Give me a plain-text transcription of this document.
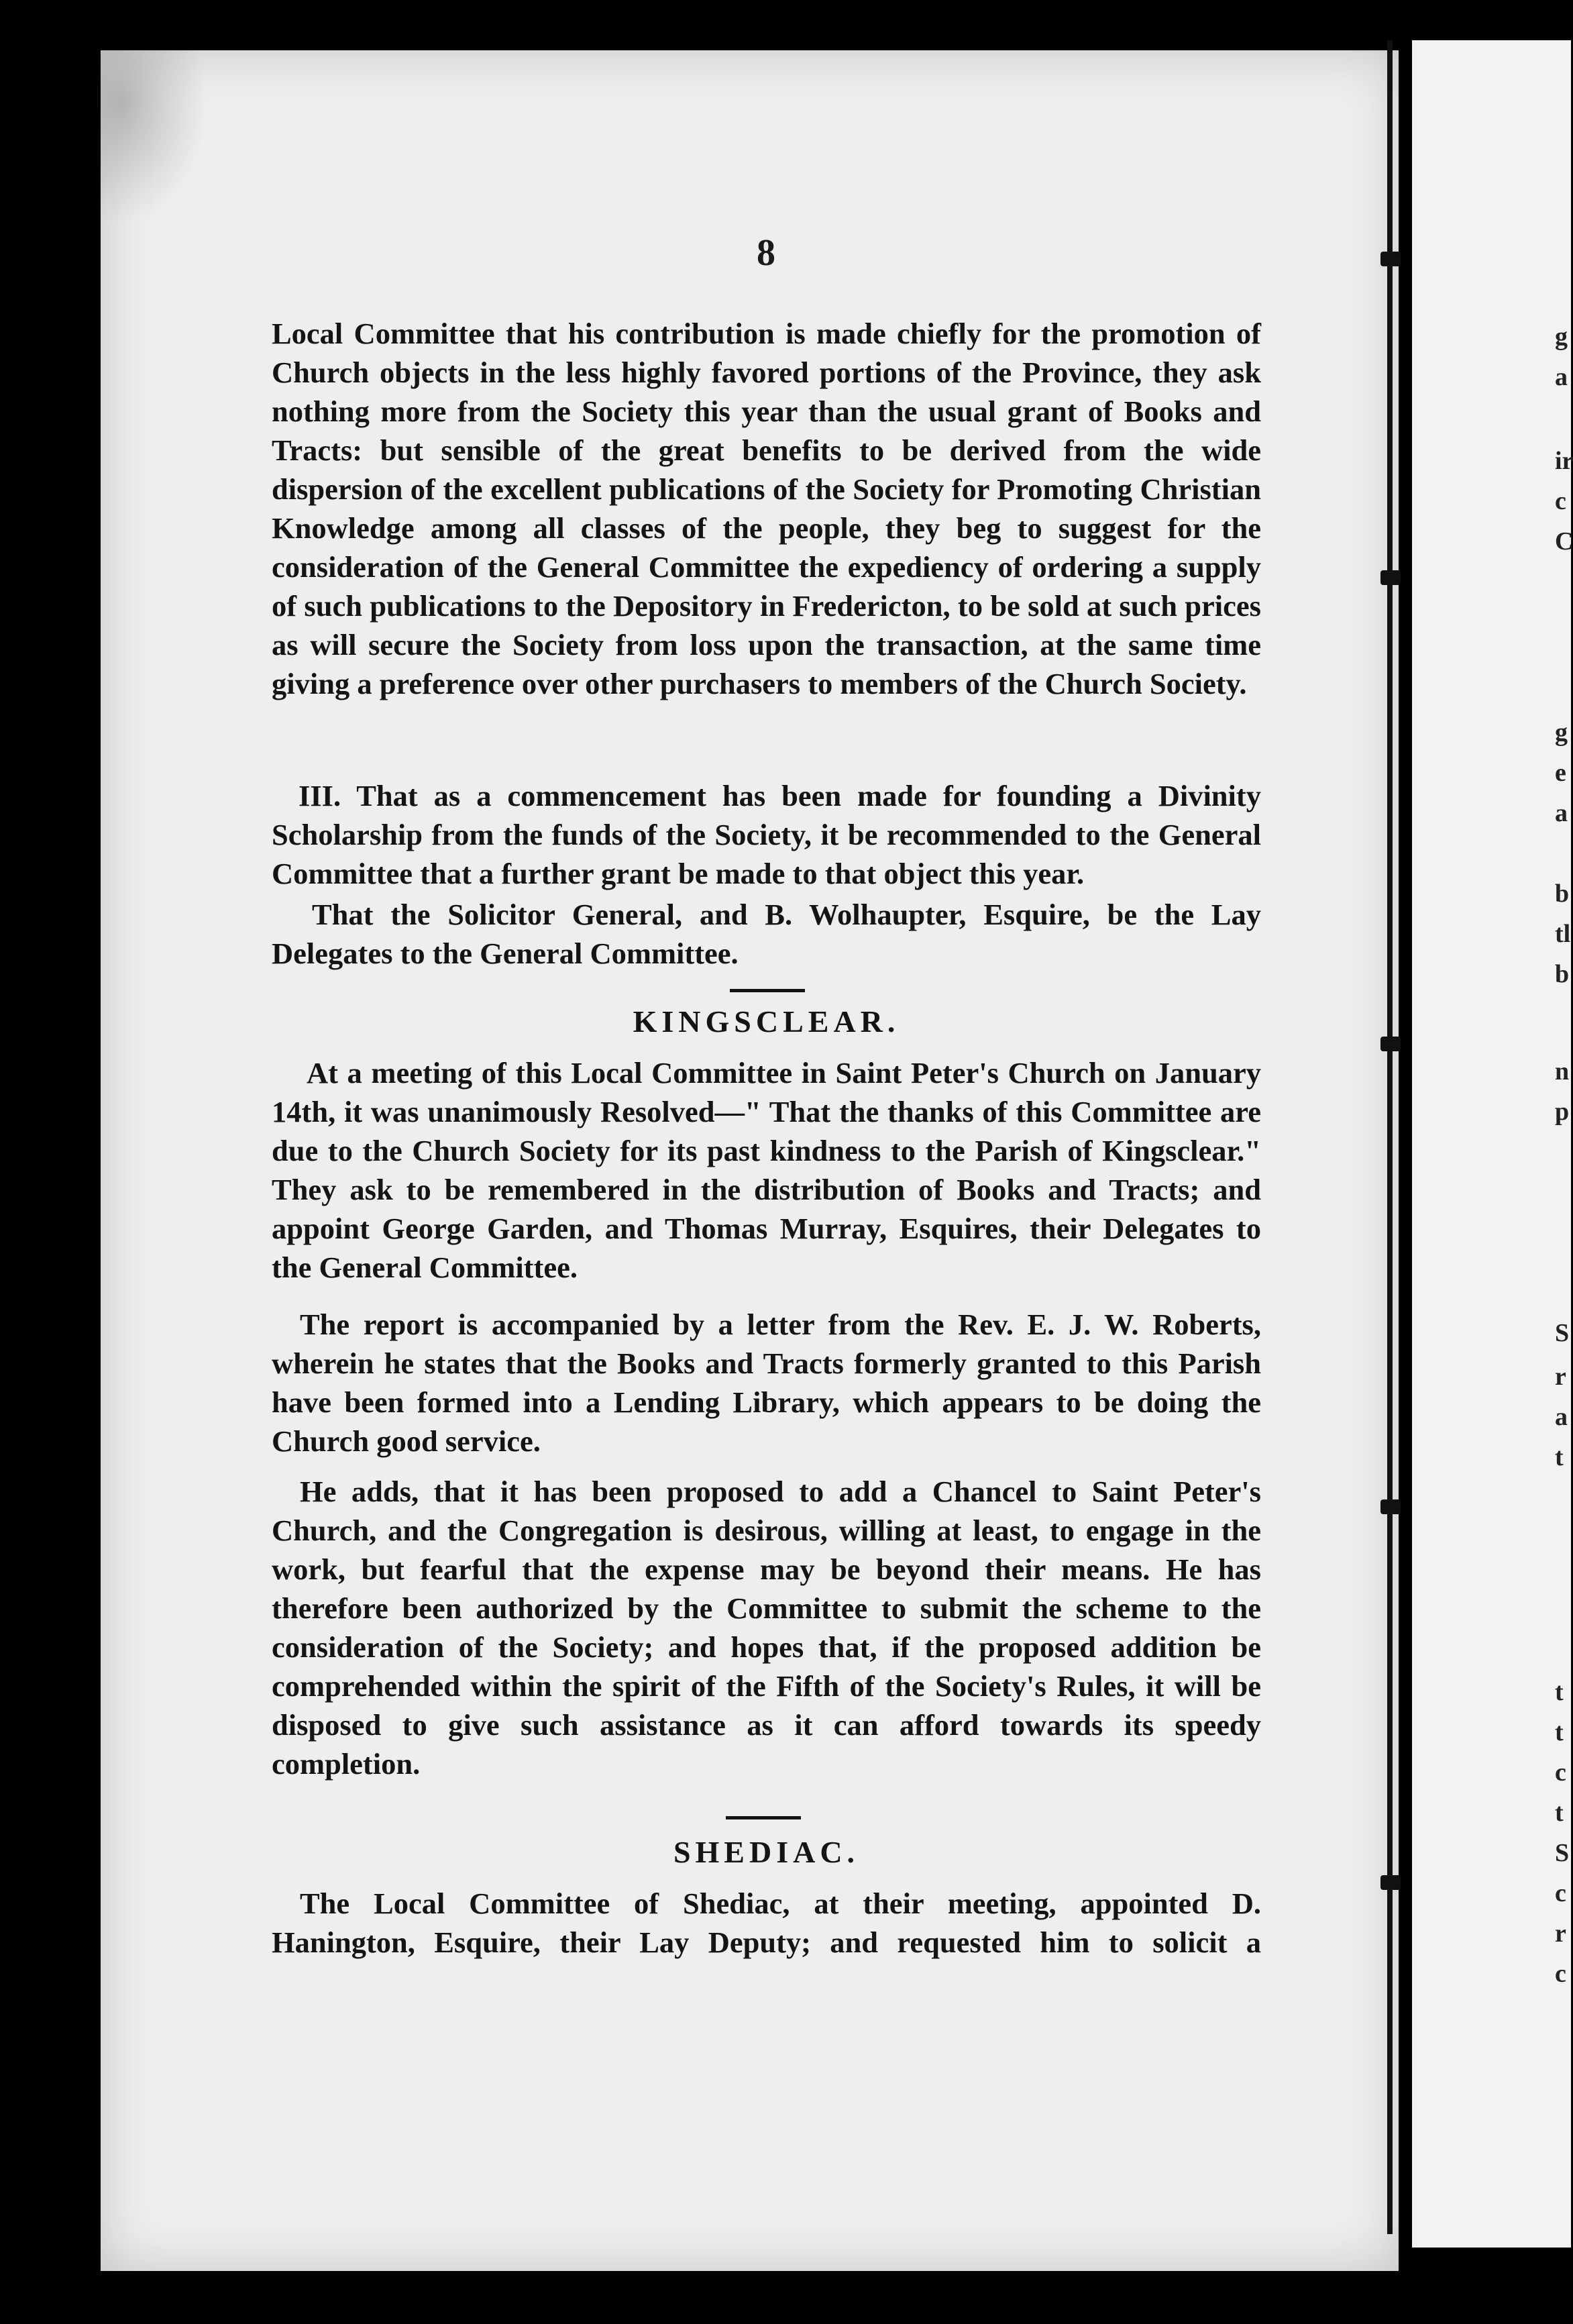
g
a
ir
c
C
g
e
a
b
tl
b
n
p
S
r
a
t
t
t
c
t
S
c
r
c
8

Local Committee that his contribution is made chiefly for the promotion of Church objects in the less highly favored portions of the Province, they ask nothing more from the Society this year than the usual grant of Books and Tracts: but sensible of the great benefits to be derived from the wide dispersion of the excellent publications of the Society for Promoting Christian Knowledge among all classes of the people, they beg to suggest for the consideration of the General Committee the expediency of ordering a supply of such publications to the Depository in Fredericton, to be sold at such prices as will secure the Society from loss upon the transaction, at the same time giving a preference over other purchasers to members of the Church Society.

III. That as a commencement has been made for founding a Divinity Scholarship from the funds of the Society, it be recommended to the General Committee that a further grant be made to that object this year.

That the Solicitor General, and B. Wolhaupter, Esquire, be the Lay Delegates to the General Committee.

KINGSCLEAR.

At a meeting of this Local Committee in Saint Peter's Church on January 14th, it was unanimously Resolved—" That the thanks of this Committee are due to the Church Society for its past kindness to the Parish of Kingsclear." They ask to be remembered in the distribution of Books and Tracts; and appoint George Garden, and Thomas Murray, Esquires, their Delegates to the General Committee.

The report is accompanied by a letter from the Rev. E. J. W. Roberts, wherein he states that the Books and Tracts formerly granted to this Parish have been formed into a Lending Library, which appears to be doing the Church good service.

He adds, that it has been proposed to add a Chancel to Saint Peter's Church, and the Congregation is desirous, willing at least, to engage in the work, but fearful that the expense may be beyond their means. He has therefore been authorized by the Committee to submit the scheme to the consideration of the Society; and hopes that, if the proposed addition be comprehended within the spirit of the Fifth of the Society's Rules, it will be disposed to give such assistance as it can afford towards its speedy completion.

SHEDIAC.

The Local Committee of Shediac, at their meeting, appointed D. Hanington, Esquire, their Lay Deputy; and requested him to solicit a
